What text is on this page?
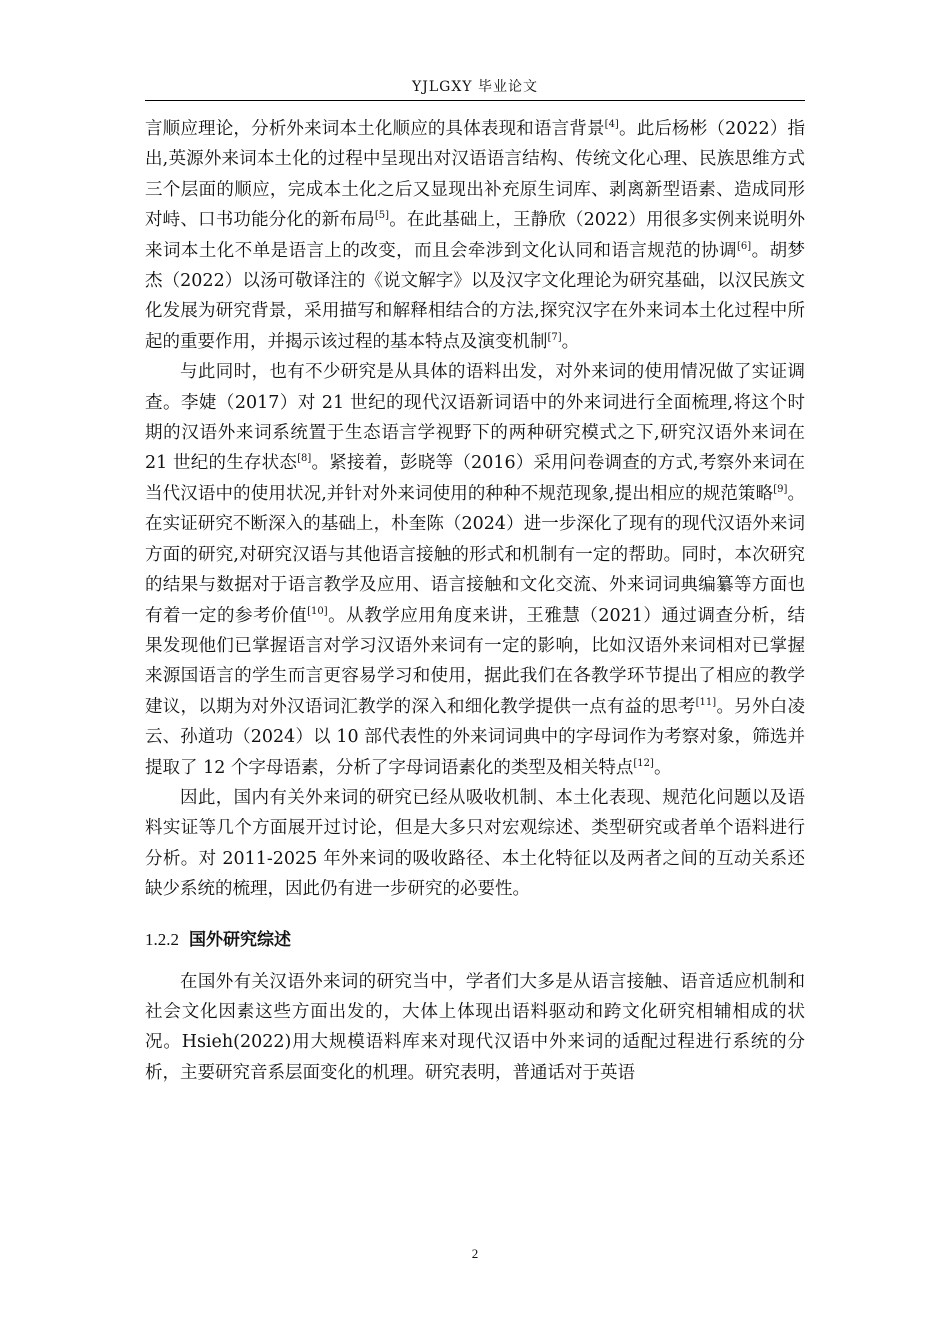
YJLGXY 毕业论文

言顺应理论，分析外来词本土化顺应的具体表现和语言背景[4]。此后杨彬（2022）指出,英源外来词本土化的过程中呈现出对汉语语言结构、传统文化心理、民族思维方式三个层面的顺应，完成本土化之后又显现出补充原生词库、剥离新型语素、造成同形对峙、口书功能分化的新布局[5]。在此基础上，王静欣（2022）用很多实例来说明外来词本土化不单是语言上的改变，而且会牵涉到文化认同和语言规范的协调[6]。胡梦杰（2022）以汤可敬译注的《说文解字》以及汉字文化理论为研究基础，以汉民族文化发展为研究背景，采用描写和解释相结合的方法,探究汉字在外来词本土化过程中所起的重要作用，并揭示该过程的基本特点及演变机制[7]。

与此同时，也有不少研究是从具体的语料出发，对外来词的使用情况做了实证调查。李婕（2017）对 21 世纪的现代汉语新词语中的外来词进行全面梳理,将这个时期的汉语外来词系统置于生态语言学视野下的两种研究模式之下,研究汉语外来词在 21 世纪的生存状态[8]。紧接着，彭晓等（2016）采用问卷调查的方式,考察外来词在当代汉语中的使用状况,并针对外来词使用的种种不规范现象,提出相应的规范策略[9]。在实证研究不断深入的基础上，朴奎陈（2024）进一步深化了现有的现代汉语外来词方面的研究,对研究汉语与其他语言接触的形式和机制有一定的帮助。同时，本次研究的结果与数据对于语言教学及应用、语言接触和文化交流、外来词词典编纂等方面也有着一定的参考价值[10]。从教学应用角度来讲，王雅慧（2021）通过调查分析，结果发现他们已掌握语言对学习汉语外来词有一定的影响，比如汉语外来词相对已掌握来源国语言的学生而言更容易学习和使用，据此我们在各教学环节提出了相应的教学建议，以期为对外汉语词汇教学的深入和细化教学提供一点有益的思考[11]。另外白凌云、孙道功（2024）以 10 部代表性的外来词词典中的字母词作为考察对象，筛选并提取了 12 个字母语素，分析了字母词语素化的类型及相关特点[12]。

因此，国内有关外来词的研究已经从吸收机制、本土化表现、规范化问题以及语料实证等几个方面展开过讨论，但是大多只对宏观综述、类型研究或者单个语料进行分析。对 2011-2025 年外来词的吸收路径、本土化特征以及两者之间的互动关系还缺少系统的梳理，因此仍有进一步研究的必要性。

1.2.2 国外研究综述

在国外有关汉语外来词的研究当中，学者们大多是从语言接触、语音适应机制和社会文化因素这些方面出发的，大体上体现出语料驱动和跨文化研究相辅相成的状况。Hsieh(2022)用大规模语料库来对现代汉语中外来词的适配过程进行系统的分析，主要研究音系层面变化的机理。研究表明，普通话对于英语

2
